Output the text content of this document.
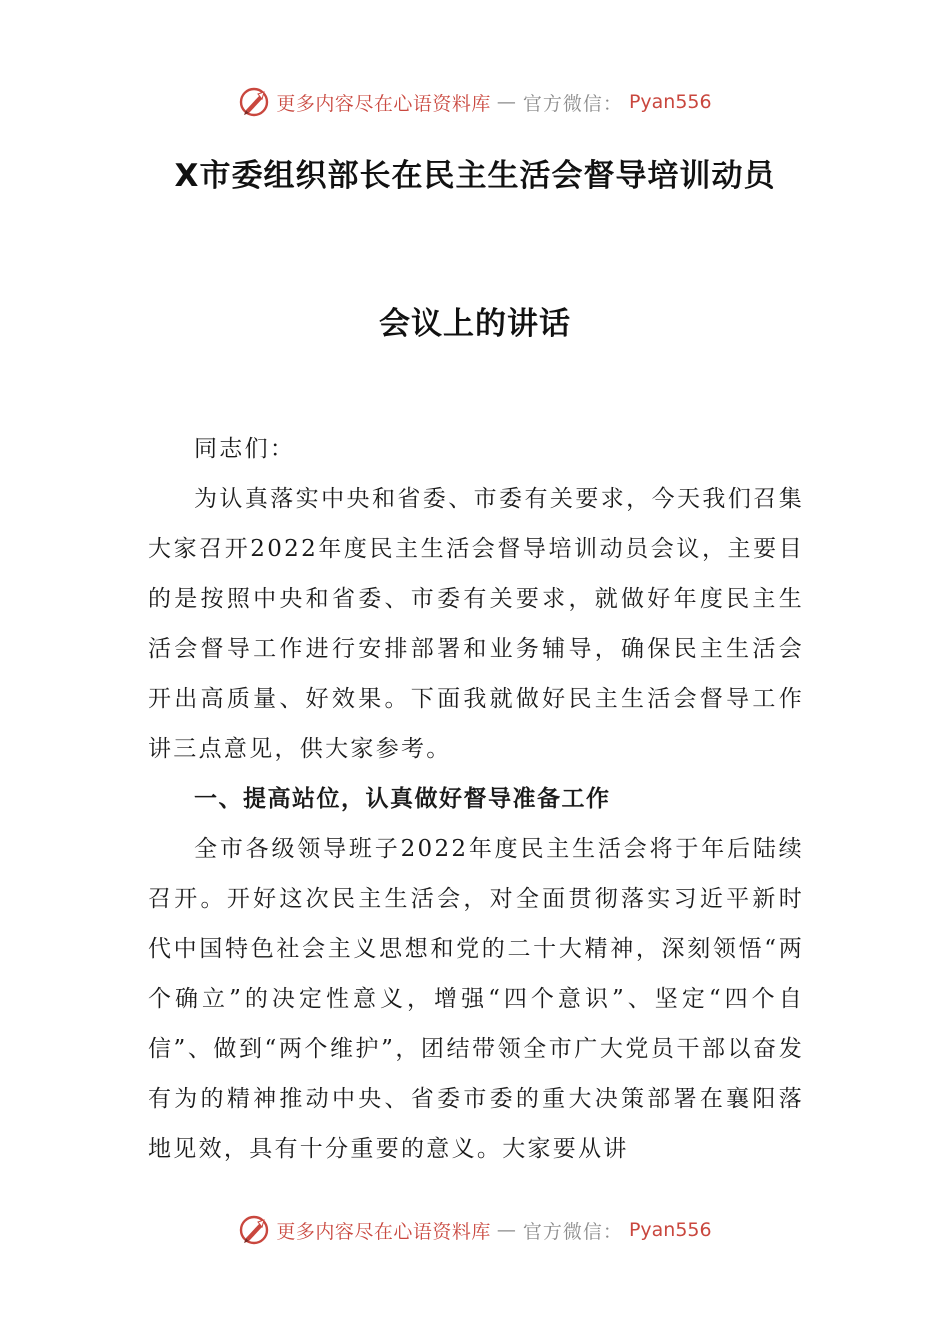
更多内容尽在心语资料库 — 官方微信： Pyan556
X市委组织部长在民主生活会督导培训动员
会议上的讲话

同志们：

为认真落实中央和省委、市委有关要求，今天我们召集大家召开2022年度民主生活会督导培训动员会议，主要目的是按照中央和省委、市委有关要求，就做好年度民主生活会督导工作进行安排部署和业务辅导，确保民主生活会开出高质量、好效果。下面我就做好民主生活会督导工作讲三点意见，供大家参考。

一、提高站位，认真做好督导准备工作

全市各级领导班子2022年度民主生活会将于年后陆续召开。开好这次民主生活会，对全面贯彻落实习近平新时代中国特色社会主义思想和党的二十大精神，深刻领悟“两个确立”的决定性意义，增强“四个意识”、坚定“四个自信”、做到“两个维护”，团结带领全市广大党员干部以奋发有为的精神推动中央、省委市委的重大决策部署在襄阳落地见效，具有十分重要的意义。大家要从讲

更多内容尽在心语资料库 — 官方微信： Pyan556
